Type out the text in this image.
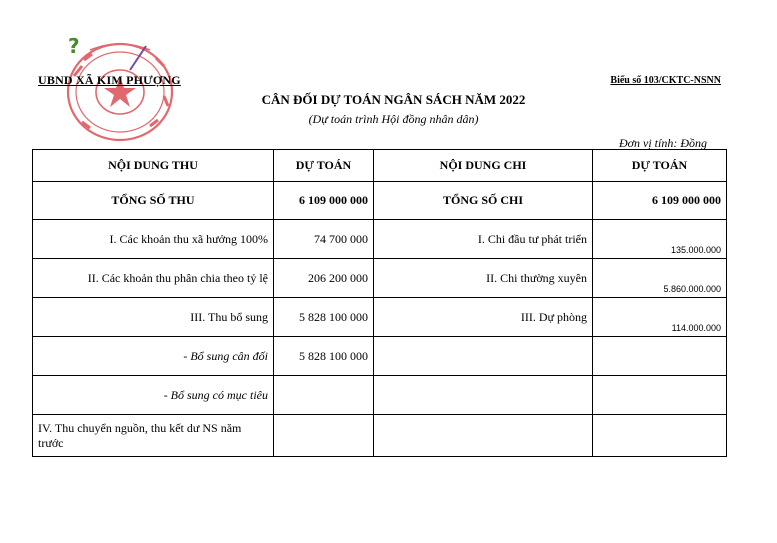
?
UBND XÃ KIM PHƯỢNG	Biểu số 103/CKTC-NSNN
CÂN ĐỐI DỰ TOÁN NGÂN SÁCH NĂM 2022
(Dự toán trình Hội đồng nhân dân)
Đơn vị tính: Đồng
NỘI DUNG THU	DỰ TOÁN	NỘI DUNG CHI	DỰ TOÁN
TỔNG SỐ THU	6 109 000 000	TỔNG SỐ CHI	6 109 000 000
I. Các khoản thu xã hưởng 100%	74 700 000	I. Chi đầu tư phát triển	135.000.000
II. Các khoản thu phân chia theo tỷ lệ	206 200 000	II. Chi thường xuyên	5.860.000.000
III. Thu bổ sung	5 828 100 000	III. Dự phòng	114.000.000
- Bổ sung cân đối	5 828 100 000		
- Bổ sung có mục tiêu			
IV. Thu chuyển nguồn, thu kết dư NS năm trước			
